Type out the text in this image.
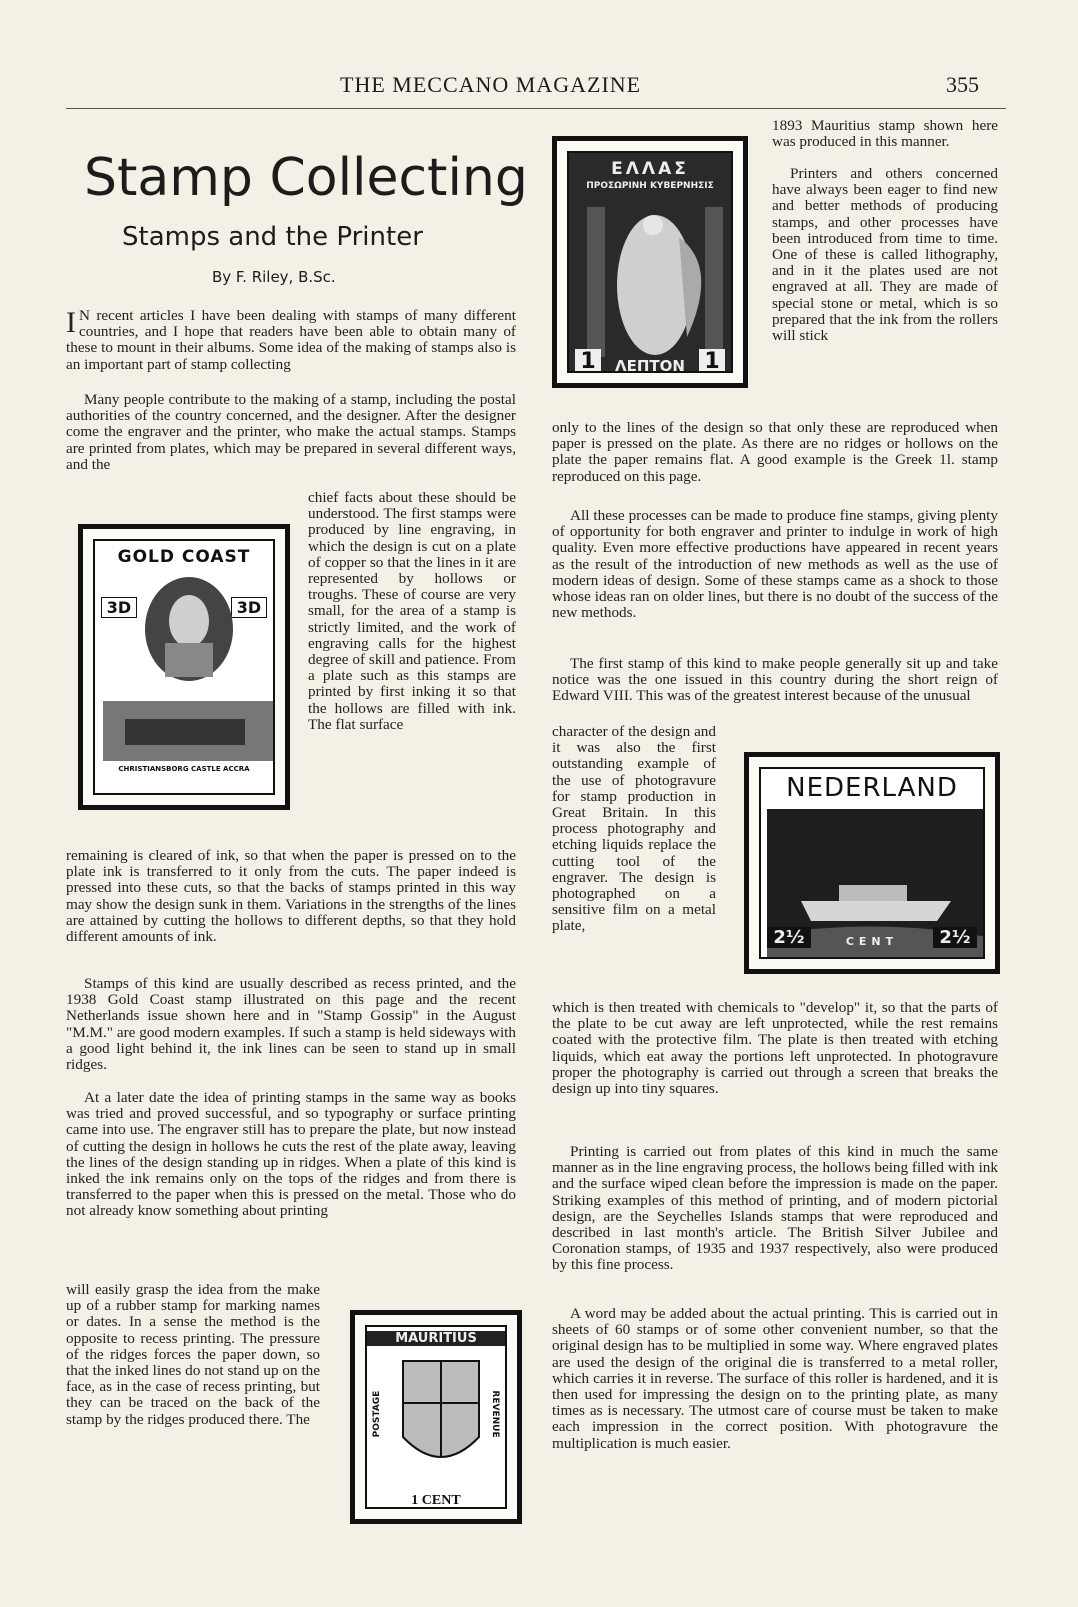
THE MECCANO MAGAZINE	355
Stamp Collecting
Stamps and the Printer
By F. Riley, B.Sc.

I N recent articles I have been dealing with stamps of many different countries, and I hope that readers have been able to obtain many of these to mount in their albums. Some idea of the making of stamps also is an important part of stamp collecting

Many people contribute to the making of a stamp, including the postal authorities of the country concerned, and the designer. After the designer come the engraver and the printer, who make the actual stamps. Stamps are printed from plates, which may be prepared in several different ways, and the

chief facts about these should be understood. The first stamps were produced by line engraving, in which the design is cut on a plate of copper so that the lines in it are represented by hollows or troughs. These of course are very small, for the area of a stamp is strictly limited, and the work of engraving calls for the highest degree of skill and patience. From a plate such as this stamps are printed by first inking it so that the hollows are filled with ink. The flat surface

remaining is cleared of ink, so that when the paper is pressed on to the plate ink is transferred to it only from the cuts. The paper indeed is pressed into these cuts, so that the backs of stamps printed in this way may show the design sunk in them. Variations in the strengths of the lines are attained by cutting the hollows to different depths, so that they hold different amounts of ink.

Stamps of this kind are usually described as recess printed, and the 1938 Gold Coast stamp illustrated on this page and the recent Netherlands issue shown here and in "Stamp Gossip" in the August "M.M." are good modern examples. If such a stamp is held sideways with a good light behind it, the ink lines can be seen to stand up in small ridges.

At a later date the idea of printing stamps in the same way as books was tried and proved successful, and so typography or surface printing came into use. The engraver still has to prepare the plate, but now instead of cutting the design in hollows he cuts the rest of the plate away, leaving the lines of the design standing up in ridges. When a plate of this kind is inked the ink remains only on the tops of the ridges and from there is transferred to the paper when this is pressed on the metal. Those who do not already know something about printing

will easily grasp the idea from the make up of a rubber stamp for marking names or dates. In a sense the method is the opposite to recess printing. The pressure of the ridges forces the paper down, so that the inked lines do not stand up on the face, as in the case of recess printing, but they can be traced on the back of the stamp by the ridges produced there. The

1893 Mauritius stamp shown here was produced in this manner.

Printers and others concerned have always been eager to find new and better methods of producing stamps, and other processes have been introduced from time to time. One of these is called lithography, and in it the plates used are not engraved at all. They are made of special stone or metal, which is so prepared that the ink from the rollers will stick

only to the lines of the design so that only these are reproduced when paper is pressed on the plate. As there are no ridges or hollows on the plate the paper remains flat. A good example is the Greek 1l. stamp reproduced on this page.

All these processes can be made to produce fine stamps, giving plenty of opportunity for both engraver and printer to indulge in work of high quality. Even more effective productions have appeared in recent years as the result of the introduction of new methods as well as the use of modern ideas of design. Some of these stamps came as a shock to those whose ideas ran on older lines, but there is no doubt of the success of the new methods.

The first stamp of this kind to make people generally sit up and take notice was the one issued in this country during the short reign of Edward VIII. This was of the greatest interest because of the unusual

character of the design and it was also the first outstanding example of the use of photogravure for stamp production in Great Britain. In this process photography and etching liquids replace the cutting tool of the engraver. The design is photographed on a sensitive film on a metal plate,

which is then treated with chemicals to "develop" it, so that the parts of the plate to be cut away are left unprotected, while the rest remains coated with the protective film. The plate is then treated with etching liquids, which eat away the portions left unprotected. In photogravure proper the photography is carried out through a screen that breaks the design up into tiny squares.

Printing is carried out from plates of this kind in much the same manner as in the line engraving process, the hollows being filled with ink and the surface wiped clean before the impression is made on the paper. Striking examples of this method of printing, and of modern pictorial design, are the Seychelles Islands stamps that were reproduced and described in last month's article. The British Silver Jubilee and Coronation stamps, of 1935 and 1937 respectively, also were produced by this fine process.

A word may be added about the actual printing. This is carried out in sheets of 60 stamps or of some other convenient number, so that the original design has to be multiplied in some way. Where engraved plates are used the design of the original die is transferred to a metal roller, which carries it in reverse. The surface of this roller is hardened, and it is then used for impressing the design on to the printing plate, as many times as is necessary. The utmost care of course must be taken to make each impression in the correct position. With photogravure the multiplication is much easier.

ΕΛΛΑΣ
ΠΡΟΣΩΡΙΝΗ ΚΥΒΕΡΝΗΣΙΣ
1	1
ΛΕΠΤΟΝ
GOLD COAST
3D	3D
CHRISTIANSBORG CASTLE ACCRA
NEDERLAND
2½	2½
CENT
MAURITIUS
POSTAGE	REVENUE
1 CENT
